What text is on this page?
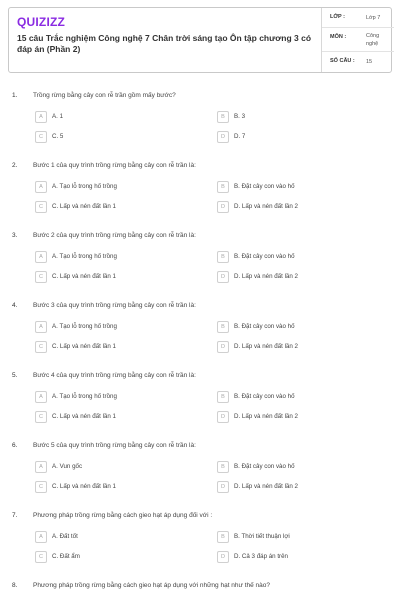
QUIZIZZ
15 câu Trắc nghiệm Công nghệ 7 Chân trời sáng tạo Ôn tập chương 3 có đáp án (Phần 2)
LỚP :	Lớp 7
MÔN :	Công nghệ
SỐ CÂU : 15
1. Trồng rừng bằng cây con rễ trần gồm mấy bước?
A	A. 1	B	B. 3
C	C. 5	D	D. 7
2. Bước 1 của quy trình trồng rừng bằng cây con rễ trần là:
A	A. Tạo lỗ trong hố trồng	B	B. Đặt cây con vào hố
C	C. Lấp và nén đất lần 1	D	D. Lấp và nén đất lần 2
3. Bước 2 của quy trình trồng rừng bằng cây con rễ trần là:
A	A. Tạo lỗ trong hố trồng	B	B. Đặt cây con vào hố
C	C. Lấp và nén đất lần 1	D	D. Lấp và nén đất lần 2
4. Bước 3 của quy trình trồng rừng bằng cây con rễ trần là:
A	A. Tạo lỗ trong hố trồng	B	B. Đặt cây con vào hố
C	C. Lấp và nén đất lần 1	D	D. Lấp và nén đất lần 2
5. Bước 4 của quy trình trồng rừng bằng cây con rễ trần là:
A	A. Tạo lỗ trong hố trồng	B	B. Đặt cây con vào hố
C	C. Lấp và nén đất lần 1	D	D. Lấp và nén đất lần 2
6. Bước 5 của quy trình trồng rừng bằng cây con rễ trần là:
A	A. Vun gốc	B	B. Đặt cây con vào hố
C	C. Lấp và nén đất lần 1	D	D. Lấp và nén đất lần 2
7. Phương pháp trồng rừng bằng cách gieo hạt áp dụng đối với :
A	A. Đất tốt	B	B. Thời tiết thuận lợi
C	C. Đất ẩm	D	D. Cả 3 đáp án trên
8. Phương pháp trồng rừng bằng cách gieo hạt áp dụng với những hạt như thế nào?
